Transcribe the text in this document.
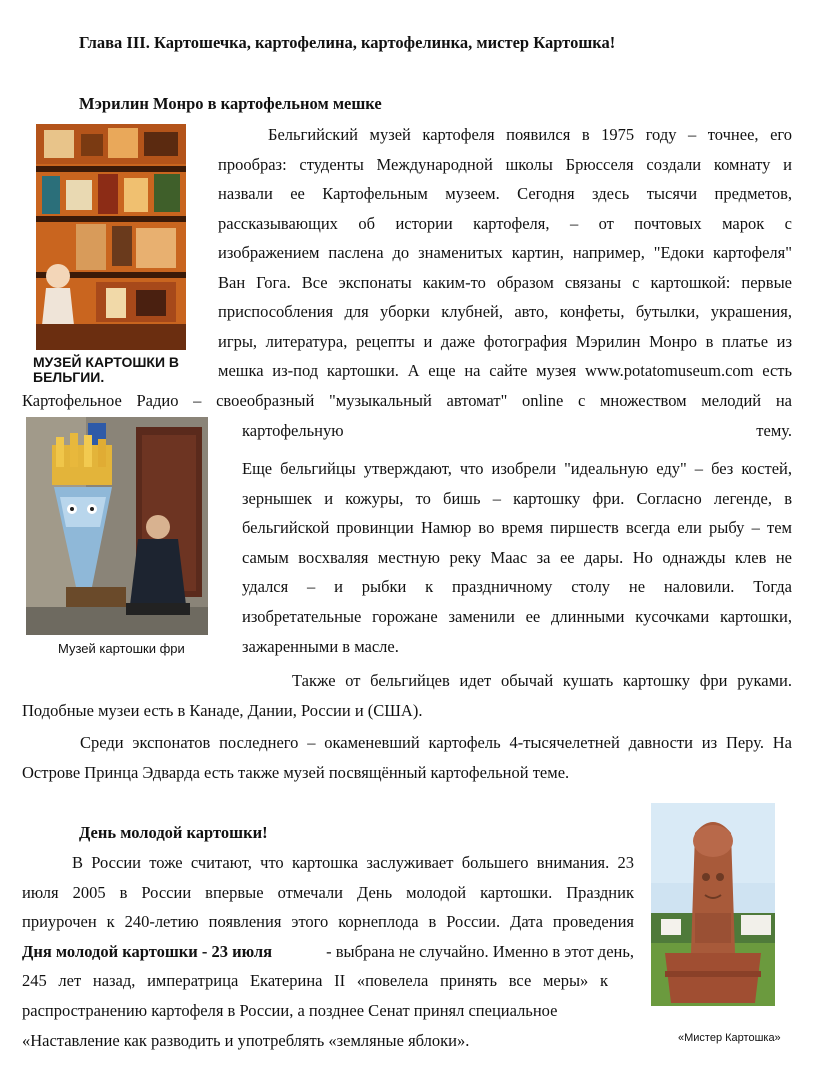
Глава III. Картошечка, картофелина, картофелинка, мистер Картошка!
Мэрилин Монро в картофельном мешке
МУЗЕЙ КАРТОШКИ В БЕЛЬГИИ.
Бельгийский музей картофеля появился в 1975 году – точнее, его
прообраз: студенты Международной школы Брюсселя создали комнату и
назвали ее Картофельным музеем. Сегодня здесь тысячи предметов,
рассказывающих об истории картофеля, – от почтовых марок с
изображением паслена до знаменитых картин, например, "Едоки картофеля"
Ван Гога. Все экспонаты каким-то образом связаны с картошкой: первые
приспособления для уборки клубней, авто, конфеты, бутылки, украшения,
игры, литература, рецепты и даже фотография Мэрилин Монро в платье из
мешка из-под картошки. А еще на сайте музея www.potatomuseum.com есть
Картофельное Радио – своеобразный "музыкальный автомат" online с множеством мелодий на
картофельную тему.
Музей картошки фри
Еще бельгийцы утверждают, что изобрели "идеальную еду" – без костей,
зернышек и кожуры, то бишь – картошку фри. Согласно легенде, в
бельгийской провинции Намюр во время пиршеств всегда ели рыбу – тем
самым восхваляя местную реку Маас за ее дары. Но однажды клев не
удался – и рыбки к праздничному столу не наловили. Тогда
изобретательные горожане заменили ее длинными кусочками картошки,
зажаренными в масле.
Также от бельгийцев идет обычай кушать картошку фри руками.
Подобные музеи есть в Канаде, Дании, России и (США).
Среди экспонатов последнего – окаменевший картофель 4-тысячелетней давности из Перу. На
Острове Принца Эдварда есть также музей посвящённый картофельной теме.
День молодой картошки!
В России тоже считают, что картошка заслуживает большего внимания. 23
июля 2005 в России впервые отмечали День молодой картошки. Праздник
приурочен к 240-летию появления этого корнеплода в России. Дата проведения
Дня молодой картошки - 23 июля	- выбрана не случайно. Именно в этот день,
245 лет назад, императрица Екатерина II «повелела принять все меры» к
распространению картофеля в России, а позднее Сенат принял специальное
«Наставление как разводить и употреблять «земляные яблоки».	«Мистер Картошка»
